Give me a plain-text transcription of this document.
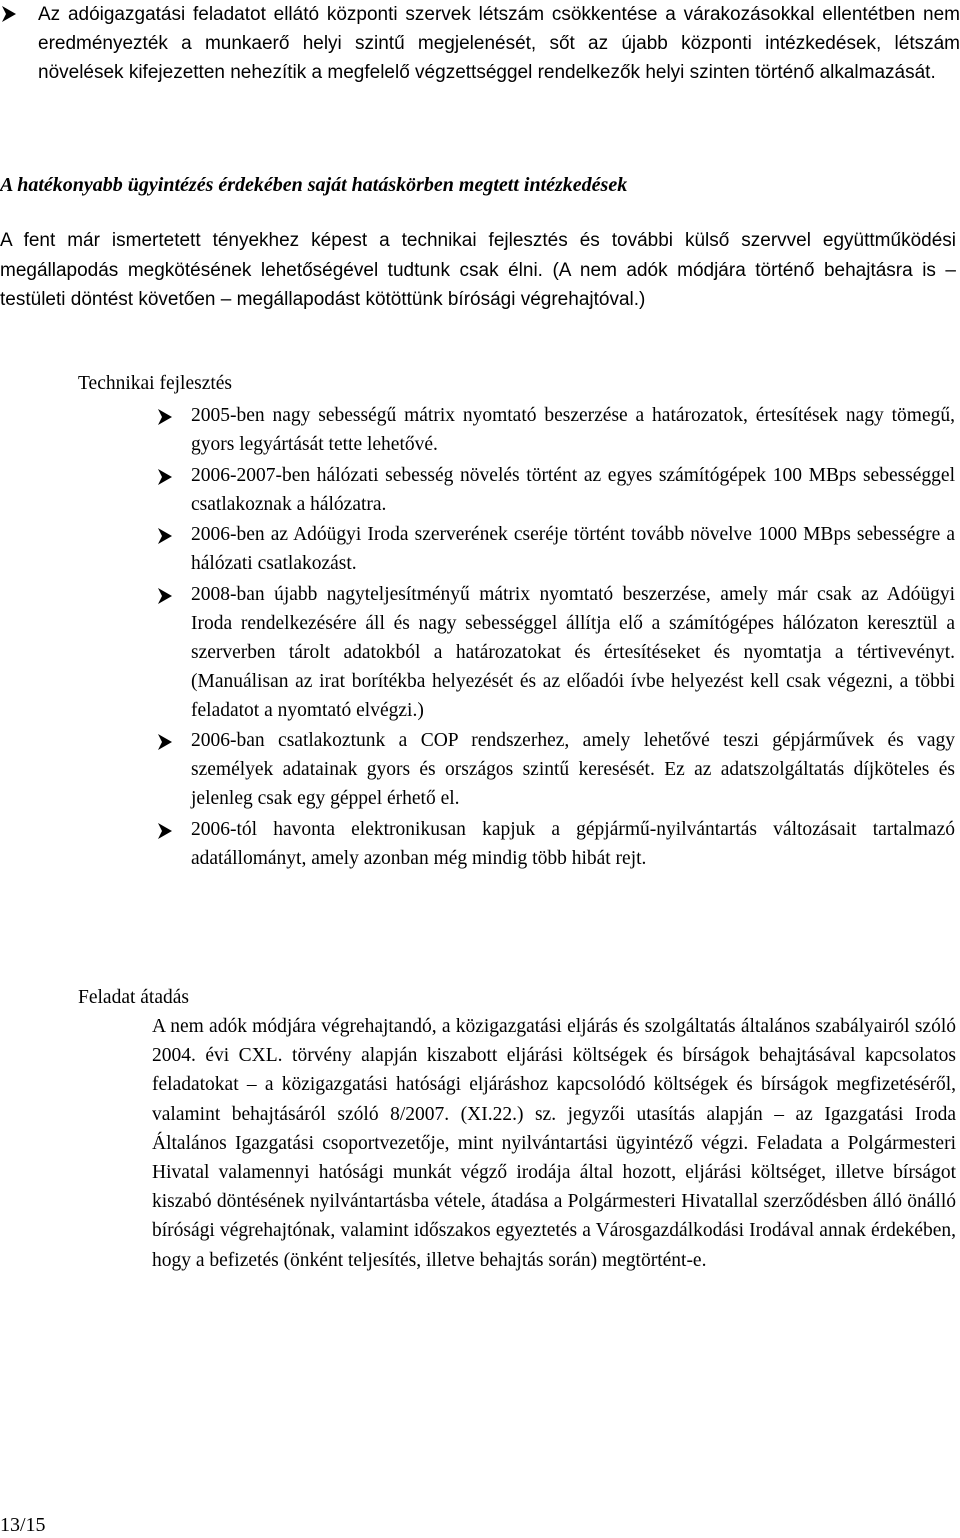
Az adóigazgatási feladatot ellátó központi szervek létszám csökkentése a várakozásokkal ellentétben nem eredményezték a munkaerő helyi szintű megjelenését, sőt az újabb központi intézkedések, létszám növelések kifejezetten nehezítik a megfelelő végzettséggel rendelkezők helyi szinten történő alkalmazását.

A hatékonyabb ügyintézés érdekében saját hatáskörben megtett intézkedések

A fent már ismertetett tényekhez képest a technikai fejlesztés és további külső szervvel együttműködési megállapodás megkötésének lehetőségével tudtunk csak élni. (A nem adók módjára történő behajtásra is – testületi döntést követően – megállapodást kötöttünk bírósági végrehajtóval.)

Technikai fejlesztés

2005-ben nagy sebességű mátrix nyomtató beszerzése a határozatok, értesítések nagy tömegű, gyors legyártását tette lehetővé.

2006-2007-ben hálózati sebesség növelés történt az egyes számítógépek 100 MBps sebességgel csatlakoznak a hálózatra.

2006-ben az Adóügyi Iroda szerverének cseréje történt tovább növelve 1000 MBps sebességre a hálózati csatlakozást.

2008-ban újabb nagyteljesítményű mátrix nyomtató beszerzése, amely már csak az Adóügyi Iroda rendelkezésére áll és nagy sebességgel állítja elő a számítógépes hálózaton keresztül a szerverben tárolt adatokból a határozatokat és értesítéseket és nyomtatja a tértivevényt. (Manuálisan az irat borítékba helyezését és az előadói ívbe helyezést kell csak végezni, a többi feladatot a nyomtató elvégzi.)

2006-ban csatlakoztunk a COP rendszerhez, amely lehetővé teszi gépjárművek és vagy személyek adatainak gyors és országos szintű keresését. Ez az adatszolgáltatás díjköteles és jelenleg csak egy géppel érhető el.

2006-tól havonta elektronikusan kapjuk a gépjármű-nyilvántartás változásait tartalmazó adatállományt, amely azonban még mindig több hibát rejt.

Feladat átadás

A nem adók módjára végrehajtandó, a közigazgatási eljárás és szolgáltatás általános szabályairól szóló 2004. évi CXL. törvény alapján kiszabott eljárási költségek és bírságok behajtásával kapcsolatos feladatokat – a közigazgatási hatósági eljáráshoz kapcsolódó költségek és bírságok megfizetéséről, valamint behajtásáról szóló 8/2007. (XI.22.) sz. jegyzői utasítás alapján – az Igazgatási Iroda Általános Igazgatási csoportvezetője, mint nyilvántartási ügyintéző végzi. Feladata a Polgármesteri Hivatal valamennyi hatósági munkát végző irodája által hozott, eljárási költséget, illetve bírságot kiszabó döntésének nyilvántartásba vétele, átadása a Polgármesteri Hivatallal szerződésben álló önálló bírósági végrehajtónak, valamint időszakos egyeztetés a Városgazdálkodási Irodával annak érdekében, hogy a befizetés (önként teljesítés, illetve behajtás során) megtörtént-e.

13/15
